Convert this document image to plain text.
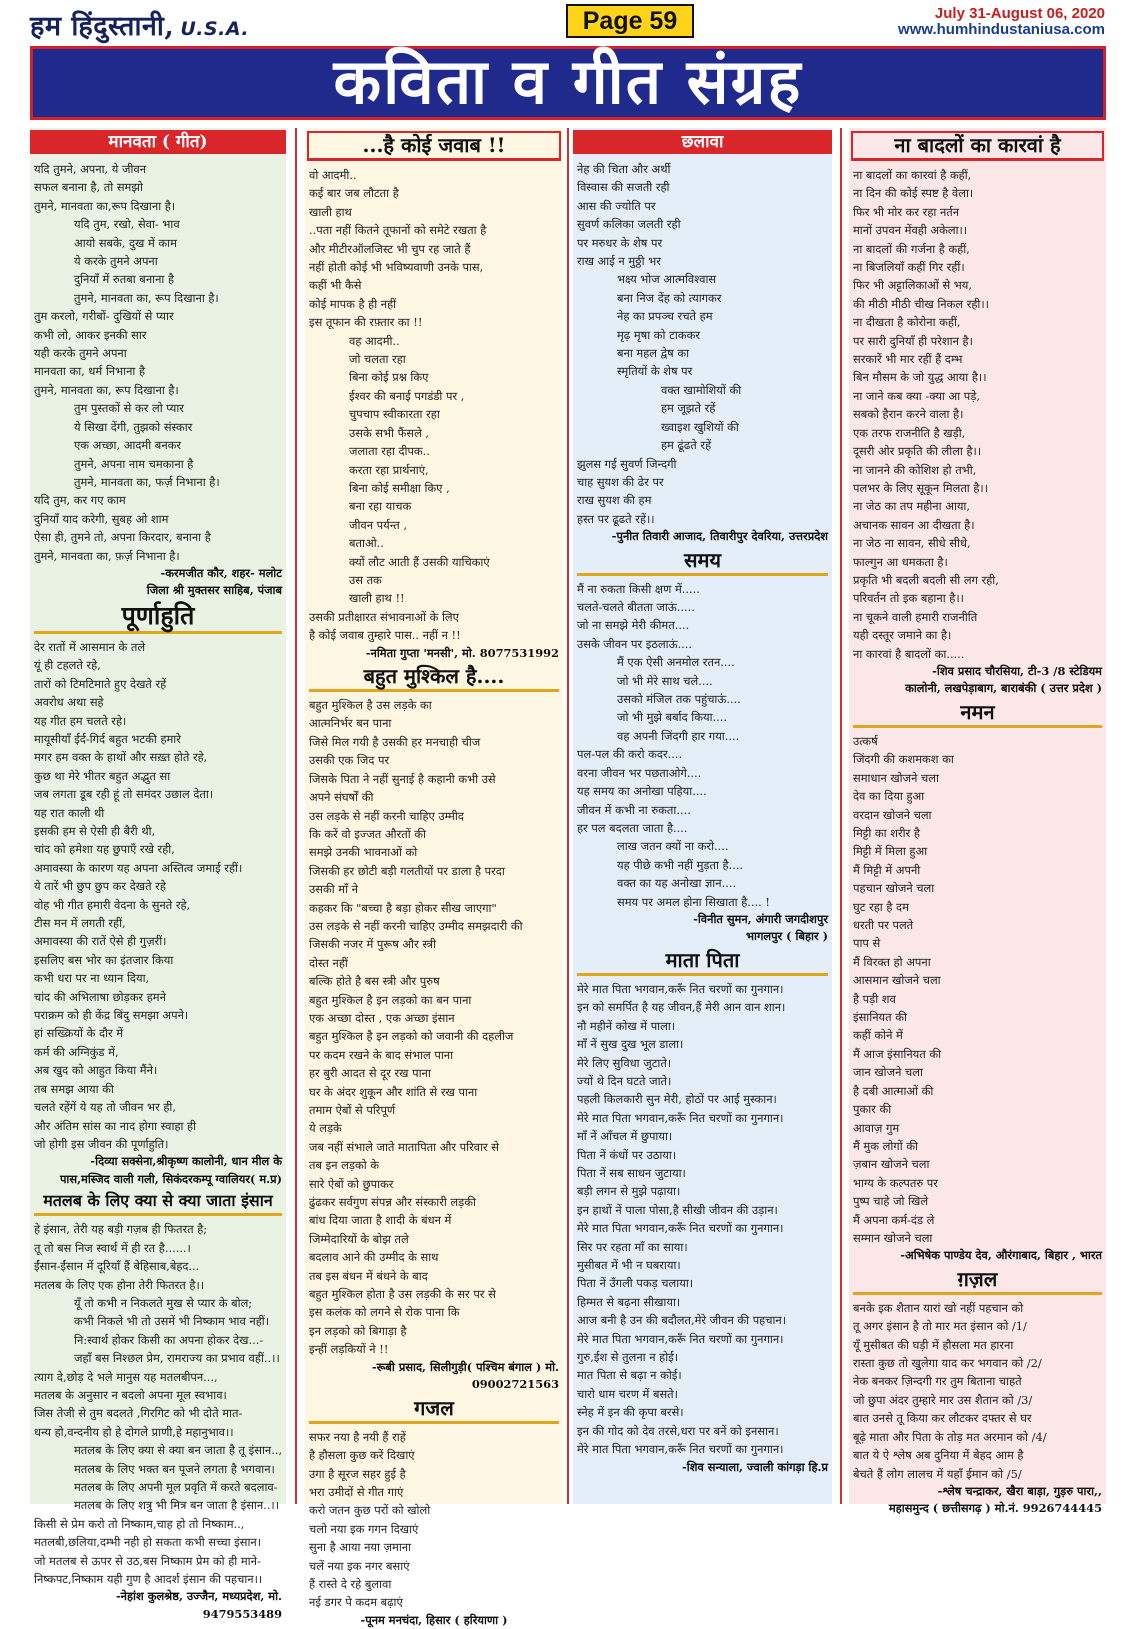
हम हिंदुस्तानी, U.S.A.	Page 59	July 31-August 06, 2020
www.humhindustaniusa.com
कविता व गीत संग्रह
मानवता ( गीत)
यदि तुमने, अपना, ये जीवन
सफल बनाना है, तो समझो
तुमने, मानवता का,रूप दिखाना है।
यदि तुम, रखो, सेवा- भाव
आयो सबके, दुख में काम
ये करके तुमने अपना
दुनियाँ में रुतबा बनाना है
तुमने, मानवता का, रूप दिखाना है।
तुम करलो, गरीबों- दुखियों से प्यार
कभी लो, आकर इनकी सार
यही करके तुमने अपना
मानवता का, धर्म निभाना है
तुमने, मानवता का, रूप दिखाना है।
तुम पुस्तकों से कर लो प्यार
ये सिखा देंगी, तुझको संस्कार
एक अच्छा, आदमी बनकर
तुमने, अपना नाम चमकाना है
तुमने, मानवता का, फर्ज़ निभाना है।
यदि तुम, कर गए काम
दुनियाँ याद करेगी, सुबह ओ शाम
ऐसा ही, तुमने तो, अपना किरदार, बनाना है
तुमने, मानवता का, फ़र्ज़ निभाना है।
-करमजीत कौर, शहर- मलोट
जिला श्री मुक्तसर साहिब, पंजाब
पूर्णाहुति
देर रातों में आसमान के तले
यूं ही टहलते रहे,
तारों को टिमटिमाते हुए देखते रहें
अवरोध अथा सहे
यह गीत हम चलते रहे।
मायूसीयाँ ईर्द-गिर्द बहुत भटकी हमारे
मगर हम वक्त के हाथों और सख़्त होते रहे,
कुछ था मेरे भीतर बहुत अद्भुत सा
जब लगता डूब रही हूं तो समंदर उछाल देता।
यह रात काली थी
इसकी हम से ऐसी ही बैरी थी,
चांद को हमेशा यह छुपाएँ रखे रही,
अमावस्या के कारण यह अपना अस्तित्व जमाई रहीं।
ये तारें भी छुप छुप कर देखते रहे
वोह भी गीत हमारी वेदना के सुनते रहे,
टीस मन में लगती रहीं,
अमावस्या की रातें ऐसे ही गुज़रीं।
इसलिए बस भोर का इंतजार किया
कभी धरा पर ना ध्यान दिया,
चांद की अभिलाषा छोड़कर हमने
पराक्रम को ही केंद्र बिंदु समझा अपने।
हां सख्क्रियों के दौर में
कर्म की अग्निकुंड में,
अब खुद को आहुत किया मैंने।
तब समझ आया की
चलते रहेंगें ये यह तो जीवन भर ही,
और अंतिम सांस का नाद होगा स्वाहा ही
जो होगी इस जीवन की पूर्णाहुति।
-दिव्या सक्सेना,श्रीकृष्ण कालोनी, धान मील के
पास,मस्जिद वाली गली, सिकंदरकम्पू ग्वालियर( म.प्र)
मतलब के लिए क्या से क्या जाता इंसान
हे इंसान, तेरी यह बड़ी गज़ब ही फितरत है;
तू तो बस निज स्वार्थ में ही रत है......।
ईंसान-ईंसान में दूरियाँ हैं बेहिसाब,बेहद...
मतलब के लिए एक होना तेरी फितरत है।।
यूँ तो कभी न निकलते मुख से प्यार के बोल;
कभी निकले भी तो उसमें भी निष्काम भाव नहीं।
नि:स्वार्थ होकर किसी का अपना होकर देख...-
जहाँ बस निश्छल प्रेम, रामराज्य का प्रभाव वहीं..।।
त्याग दे,छोड़ दे भले मानुस यह मतलबीपन...,
मतलब के अनुसार न बदलो अपना मूल स्वभाव।
जिस तेजी से तुम बदलते ,गिरगिट को भी दोते मात-
धन्य हो,वन्दनीय हो हे दोगले प्राणी,हे महानुभाव।।
मतलब के लिए क्या से क्या बन जाता है तू इंसान..,
मतलब के लिए भक्त बन पूजने लगता है भगवान।
मतलब के लिए अपनी मूल प्रवृति में करते बदलाव-
मतलब के लिए शत्रु भी मित्र बन जाता है इंसान..।।
किसी से प्रेम करो तो निष्काम,चाह हो तो निष्काम..,
मतलबी,छलिया,दम्भी नही हो सकता कभी सच्चा इंसान।
जो मतलब से ऊपर से उठ,बस निष्काम प्रेम को ही माने-
निष्कपट,निष्काम यही गुण है आदर्श इंसान की पहचान।।
-नेहांश कुलश्रेष्ठ, उज्जैन, मध्यप्रदेश, मो. 9479553489
...है कोई जवाब !!
वो आदमी..
कई बार जब लौटता है
खाली हाथ
..पता नहीं कितने तूफानों को समेटे रखता है
और मीटीरऑलजिस्ट भी चुप रह जाते हैं
नहीं होती कोई भी भविष्यवाणी उनके पास,
कहीं भी कैसे
कोई मापक है ही नहीं
इस तूफान की रफ़्तार का !!
वह आदमी..
जो चलता रहा
बिना कोई प्रश्न किए
ईश्वर की बनाई पगडंडी पर ,
चुपचाप स्वीकारता रहा
उसके सभी फैंसले ,
जलाता रहा दीपक..
करता रहा प्रार्थनाएं,
बिना कोई समीक्षा किए ,
बना रहा याचक
जीवन पर्यन्त ,
बताओ..
क्यों लौट आती हैं उसकी याचिकाएं
उस तक
खाली हाथ !!
उसकी प्रतीक्षारत संभावनाओं के लिए
है कोई जवाब तुम्हारे पास.. नहीं न !!
-नमिता गुप्ता 'मनसी', मो. 8077531992
बहुत मुश्किल है....
बहुत मुश्किल है उस लड़के का
आत्मनिर्भर बन पाना
जिसे मिल गयी है उसकी हर मनचाही चीज
उसकी एक जिद पर
जिसके पिता ने नहीं सुनाई है कहानी कभी उसे
अपने संघर्षों की
उस लड़के से नहीं करनी चाहिए उम्मीद
कि करें वो इज्जत औरतों की
समझे उनकी भावनाओं को
जिसकी हर छोटी बड़ी गलतीयों पर डाला है परदा
उसकी माँ ने
कहकर कि "बच्चा है बड़ा होकर सीख जाएगा"
उस लड़के से नहीं करनी चाहिए उम्मीद समझदारी की
जिसकी नजर में पुरूष और स्त्री
दोस्त नहीं
बल्कि होते है बस स्त्री और पुरुष
बहुत मुश्किल है इन लड़को का बन पाना
एक अच्छा दोस्त , एक अच्छा इंसान
बहुत मुश्किल है इन लड़को को जवानी की दहलीज
पर कदम रखने के बाद संभाल पाना
हर बुरी आदत से दूर रख पाना
घर के अंदर शुकून और शांति से रख पाना
तमाम ऐबों से परिपूर्ण
ये लड़के
जब नहीं संभाले जाते मातापिता और परिवार से
तब इन लड़को के
सारे ऐबों को छुपाकर
ढुंढकर सर्वगुण संपन्न और संस्कारी लड़की
बांध दिया जाता है शादी के बंधन में
जिम्मेदारियों के बोझ तले
बदलाव आने की उम्मीद के साथ
तब इस बंधन में बंधने के बाद
बहुत मुश्किल होता है उस लड़की के सर पर से
इस कलंक को लगने से रोक पाना कि
इन लड़को को बिगाड़ा है
इन्हीं लड़कियों ने !!
-रूबी प्रसाद, सिलीगुड़ी( पश्चिम बंगाल ) मो. 09002721563
गजल
सफर नया है नयी हैं राहें
है हौसला कुछ करें दिखाएं
उगा है सूरज सहर हुई है
भरा उमीदों से गीत गाएं
करो जतन कुछ परों को खोलो
चलो नया इक गगन दिखाएं
सुना है आया नया ज़माना
चलें नया इक नगर बसाएं
हैं रास्ते दे रहे बुलावा
नई डगर पे कदम बढ़ाएं
-पूनम मनचंदा, हिसार ( हरियाणा )
छलावा
नेह की चिता और अर्थी
विस्वास की सजती रही
आस की ज्योति पर
सुवर्ण कलिका जलती रही
पर मरुधर के शेष पर
राख आई न मुठ्ठी भर
भक्ष्य भोज आत्मविश्वास
बना निज देंह को त्यागकर
नेह का प्रपञ्च रचते हम
मृढ़ मृषा को टाककर
बना महल द्वेष का
स्मृतियों के शेष पर
वक्त खामोशियों की
हम जूझते रहें
ख्वाइश खुशियों की
हम ढूंढते रहें
झुलस गई सुवर्ण जिन्दगी
चाह सुयश की ढेर पर
राख सुयश की हम
हस्त पर ढूढते रहें।।
-पुनीत तिवारी आजाद, तिवारीपुर देवरिया, उत्तरप्रदेश
समय
मैं ना रुकता किसी क्षण में.....
चलते-चलते बीतता जाऊं.....
जो ना समझे मेरी कीमत....
उसके जीवन पर इठलाऊं....
मैं एक ऐसी अनमोल रतन....
जो भी मेरे साथ चले....
उसको मंजिल तक पहुंचाऊं....
जो भी मुझे बर्बाद किया....
वह अपनी जिंदगी हार गया....
पल-पल की करो कदर....
वरना जीवन भर पछताओगे....
यह समय का अनोखा पहिया....
जीवन में कभी ना रुकता....
हर पल बदलता जाता है....
लाख जतन क्यों ना करो....
यह पीछे कभी नहीं मुड़ता है....
वक्त का यह अनोखा ज्ञान....
समय पर अमल होना सिखाता है.... !
-विनीत सुमन, अंगारी जगदीशपुर
भागलपुर ( बिहार )
माता पिता
मेरे मात पिता भगवान,करूँ नित चरणों का गुनगान।
इन को समर्पित है यह जीवन,हैं मेरी आन वान शान।
नौ महीनें कोख में पाला।
माँ नें सुख दुख भूल डाला।
मेरे लिए सुविधा जुटाते।
ज्यों थे दिन घटते जाते।
पहली किलकारी सुन मेरी, होठों पर आई मुस्कान।
मेरे मात पिता भगवान,करूँ नित चरणों का गुनगान।
माँ नें आँचल में छुपाया।
पिता नें कंधों पर उठाया।
पिता नें सब साधन जुटाया।
बड़ी लगन से मुझे पढ़ाया।
इन हाथों नें पाला पोसा,है सीखी जीवन की उड़ान।
मेरे मात पिता भगवान,करूँ नित चरणों का गुनगान।
सिर पर रहता माँ का साया।
मुसीबत में भी न घबराया।
पिता नें उँगली पकड़ चलाया।
हिम्मत से बढ़ना सीखाया।
आज बनी है उन की बदौलत,मेरे जीवन की पहचान।
मेरे मात पिता भगवान,करूँ नित चरणों का गुनगान।
गुरु,ईश से तुलना न होई।
मात पिता से बढ़ा न कोई।
चारो धाम चरण में बसते।
स्नेह में इन की कृपा बरसे।
इन की गोद को देव तरसे,धरा पर बनें को इनसान।
मेरे मात पिता भगवान,करूँ नित चरणों का गुनगान।
-शिव सन्याला, ज्वाली कांगड़ा हि.प्र
ना बादलों का कारवां है
ना बादलों का कारवां है कहीं,
ना दिन की कोई स्पष्ट है वेला।
फिर भी मोर कर रहा नर्तन
मानों उपवन मेंवही अकेला।।
ना बादलों की गर्जना है कहीं,
ना बिजलियाँ कहीं गिर रहीं।
फिर भी अट्टालिकाओं से भय,
की मीठी मीठी चीख निकल रही।।
ना दीखता है कोरोना कहीं,
पर सारी दुनियाँ ही परेशान है।
सरकारें भी मार रहीं हैं दम्भ
बिन मौसम के जो युद्ध आया है।।
ना जाने कब क्या -क्या आ पड़े,
सबको हैरान करने वाला है।
एक तरफ राजनीति है खड़ी,
दूसरी ओर प्रकृति की लीला है।।
ना जानने की कोशिश हो तभी,
पलभर के लिए सूकून मिलता है।।
ना जेठ का तप महीना आया,
अचानक सावन आ दीखता है।
ना जेठ ना सावन, सीधे सीधे,
फाल्गुन आ धमकता है।
प्रकृति भी बदली बदली सी लग रही,
परिवर्तन तो इक बहाना है।।
ना चूकने वाली हमारी राजनीति
यही दस्तूर जमाने का है।
ना कारवां है बादलों का.....
-शिव प्रसाद चौरसिया, टी-3 /8 स्टेडियम
कालोनी, लखपेड़ाबाग, बाराबंकी ( उत्तर प्रदेश )
नमन
उत्कर्ष
जिंदगी की कशमकश का
समाधान खोजने चला
देव का दिया हुआ
वरदान खोजने चला
मिट्टी का शरीर है
मिट्टी में मिला हुआ
मैं मिट्टी में अपनी
पहचान खोजने चला
घुट रहा है दम
धरती पर पलते
पाप से
मैं विरक्त हो अपना
आसमान खोजने चला
है पड़ी शव
इंसानियत की
कहीं कोने में
मैं आज इंसानियत की
जान खोजने चला
है दबी आत्माओं की
पुकार की
आवाज़ गुम
मैं मुक लोगों की
ज़बान खोजने चला
भाग्य के कल्पतरु पर
पुष्प चाहे जो खिले
मैं अपना कर्म-दंड ले
सम्मान खोजने चला
-अभिषेक पाण्डेय देव, औरंगाबाद, बिहार , भारत
ग़ज़ल
बनके इक शैतान यारां खो नहीं पहचान को
तू अगर इंसान है तो मार मत इंसान को /1/
यूँ मुसीबत की घड़ी में हौसला मत हारना
रास्ता कुछ तो खुलेगा याद कर भगवान को /2/
नेक बनकर ज़िन्दगी गर तुम बिताना चाहते
जो छुपा अंदर तुम्हारे मार उस शैतान को /3/
बात उनसे तू किया कर लौटकर दफ्तर से घर
बूढ़े माता और पिता के तोड़ मत अरमान को /4/
बात ये ऐ श्लेष अब दुनिया में बेहद आम है
बेचते हैं लोग लालच में यहाँ ईमान को /5/
-श्लेष चन्द्राकर, खैरा बाड़ा, गुड़रु पारा,,
महासमुन्द ( छत्तीसगढ़ ) मो.नं. 9926744445
